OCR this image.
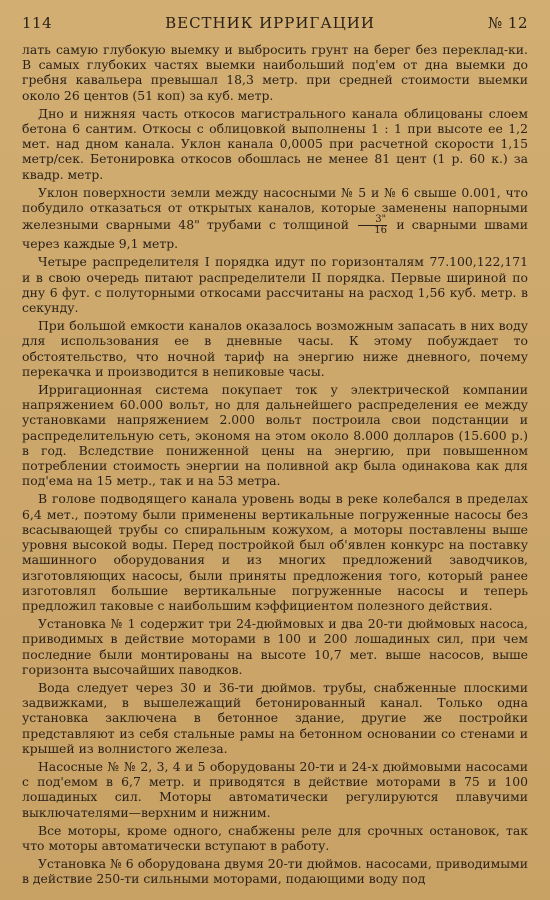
114	ВЕСТНИК ИРРИГАЦИИ	№ 12

лать самую глубокую выемку и выбросить грунт на берег без переклад-ки. В самых глубоких частях выемки наибольший под'ем от дна выемки до гребня кавальера превышал 18,3 метр. при средней стоимости выемки около 26 центов (51 коп) за куб. метр.

Дно и нижняя часть откосов магистрального канала облицованы слоем бетона 6 сантим. Откосы с облицовкой выполнены 1 : 1 при высоте ее 1,2 мет. над дном канала. Уклон канала 0,0005 при расчетной скорости 1,15 метр/сек. Бетонировка откосов обошлась не менее 81 цент (1 р. 60 к.) за квадр. метр.

Уклон поверхности земли между насосными № 5 и № 6 свыше 0.001, что побудило отказаться от открытых каналов, которые заменены напорными железными сварными 48" трубами с толщиной $\frac{3"}{16}$ и сварными швами через каждые 9,1 метр.

Четыре распределителя I порядка идут по горизонталям 77.100,122,171 и в свою очередь питают распределители II порядка. Первые шириной по дну 6 фут. с полуторными откосами рассчитаны на расход 1,56 куб. метр. в секунду.

При большой емкости каналов оказалось возможным запасать в них воду для использования ее в дневные часы. К этому побуждает то обстоятельство, что ночной тариф на энергию ниже дневного, почему перекачка и производится в непиковые часы.

Ирригационная система покупает ток у электрической компании напряжением 60.000 вольт, но для дальнейшего распределения ее между установками напряжением 2.000 вольт построила свои подстанции и распределительную сеть, экономя на этом около 8.000 долларов (15.600 р.) в год. Вследствие пониженной цены на энергию, при повышенном потреблении стоимость энергии на поливной акр была одинакова как для под'ема на 15 метр., так и на 53 метра.

В голове подводящего канала уровень воды в реке колебался в пределах 6,4 мет., поэтому были применены вертикальные погруженные насосы без всасывающей трубы со спиральным кожухом, а моторы поставлены выше уровня высокой воды. Перед постройкой был об'явлен конкурс на поставку машинного оборудования и из многих предложений заводчиков, изготовляющих насосы, были приняты предложения того, который ранее изготовлял большие вертикальные погруженные насосы и теперь предложил таковые с наибольшим кэффициентом полезного действия.

Установка № 1 содержит три 24-дюймовых и два 20-ти дюймовых насоса, приводимых в действие моторами в 100 и 200 лошадиных сил, при чем последние были монтированы на высоте 10,7 мет. выше насосов, выше горизонта высочайших паводков.

Вода следует через 30 и 36-ти дюймов. трубы, снабженные плоскими задвижками, в вышележащий бетонированный канал. Только одна установка заключена в бетонное здание, другие же постройки представляют из себя стальные рамы на бетонном основании со стенами и крышей из волнистого железа.

Насосные № № 2, 3, 4 и 5 оборудованы 20-ти и 24-х дюймовыми насосами с под'емом в 6,7 метр. и приводятся в действие моторами в 75 и 100 лошадиных сил. Моторы автоматически регулируются плавучими выключателями—верхним и нижним.

Все моторы, кроме одного, снабжены реле для срочных остановок, так что моторы автоматически вступают в работу.

Установка № 6 оборудована двумя 20-ти дюймов. насосами, приводимыми в действие 250-ти сильными моторами, подающими воду под
